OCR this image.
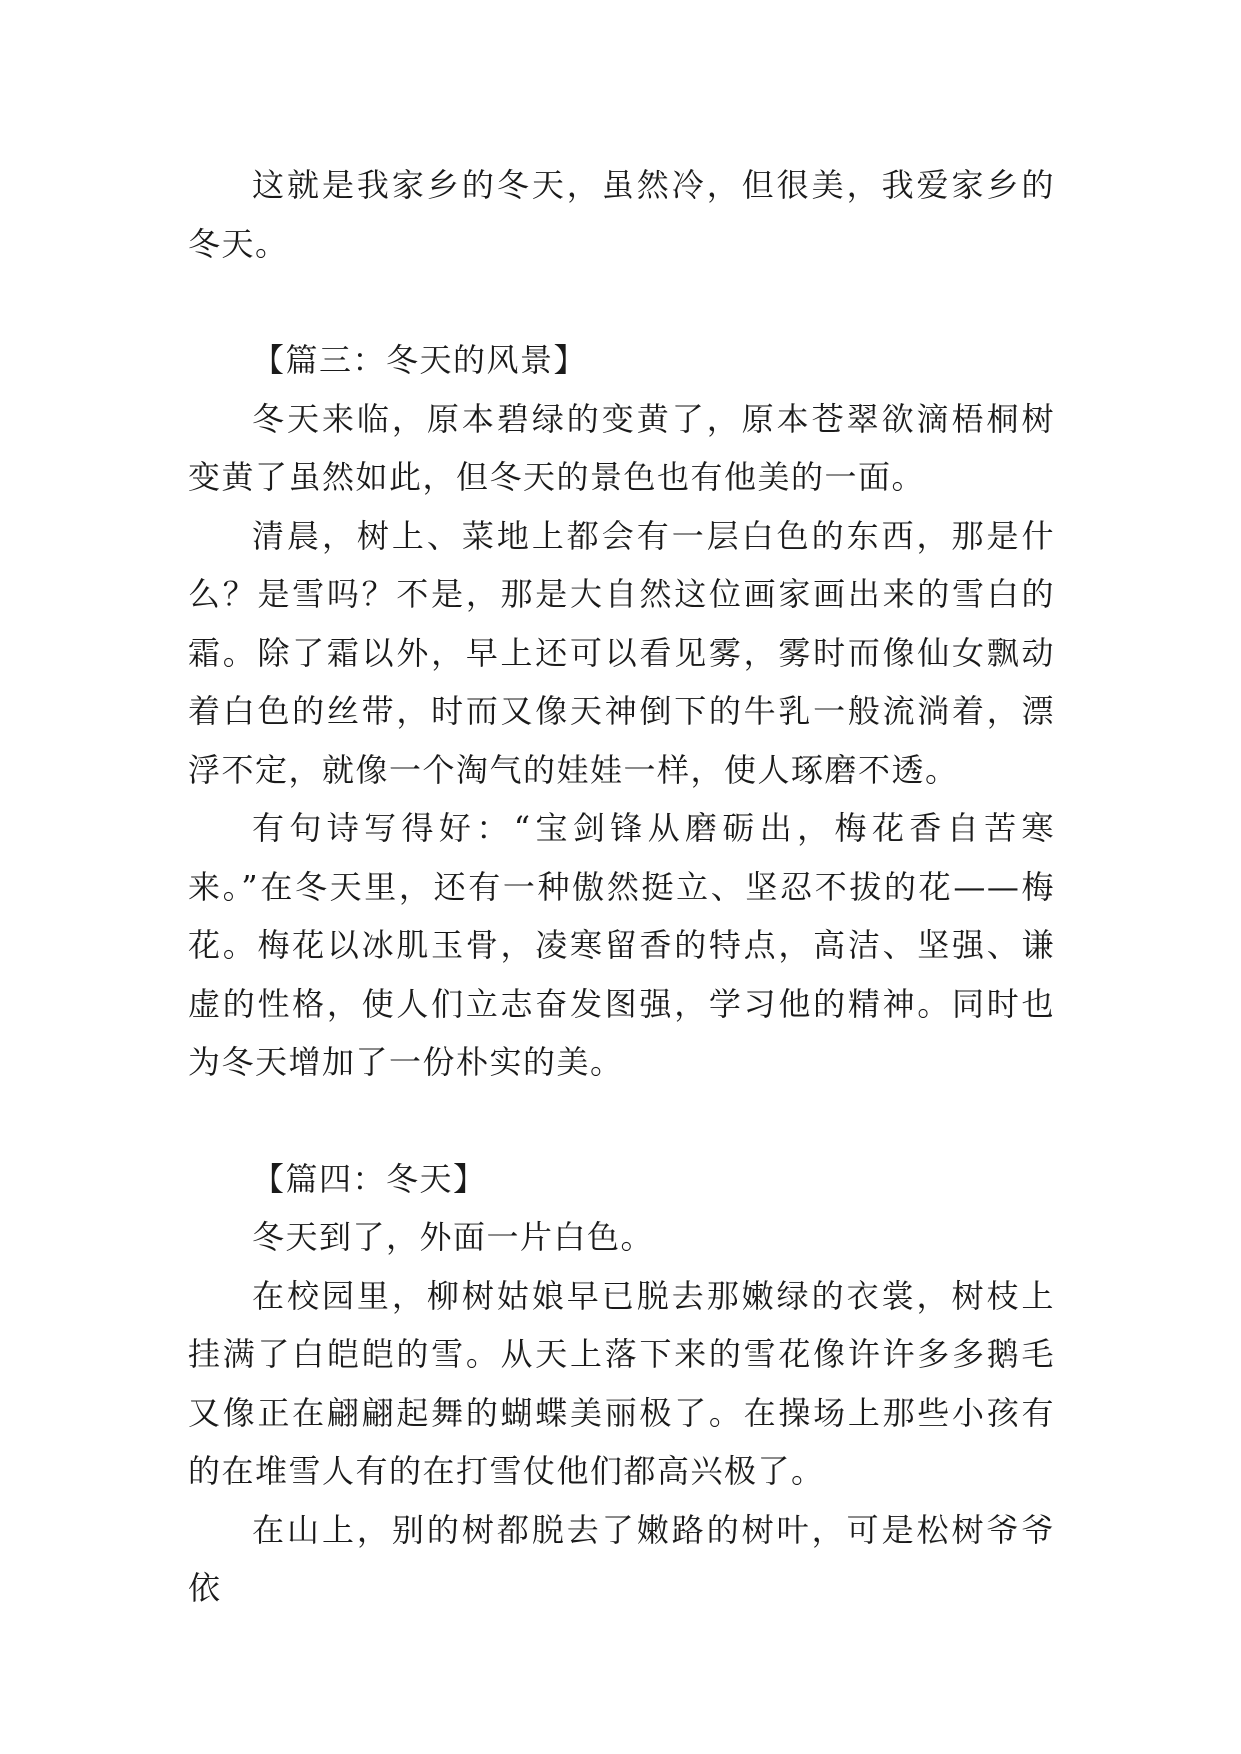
这就是我家乡的冬天，虽然冷，但很美，我爱家乡的冬天。

【篇三：冬天的风景】

冬天来临，原本碧绿的变黄了，原本苍翠欲滴梧桐树变黄了虽然如此，但冬天的景色也有他美的一面。

清晨，树上、菜地上都会有一层白色的东西，那是什么？是雪吗？不是，那是大自然这位画家画出来的雪白的霜。除了霜以外，早上还可以看见雾，雾时而像仙女飘动着白色的丝带，时而又像天神倒下的牛乳一般流淌着，漂浮不定，就像一个淘气的娃娃一样，使人琢磨不透。

有句诗写得好：“宝剑锋从磨砺出，梅花香自苦寒来。”在冬天里，还有一种傲然挺立、坚忍不拔的花——梅花。梅花以冰肌玉骨，凌寒留香的特点，高洁、坚强、谦虚的性格，使人们立志奋发图强，学习他的精神。同时也为冬天增加了一份朴实的美。

【篇四：冬天】

冬天到了，外面一片白色。

在校园里，柳树姑娘早已脱去那嫩绿的衣裳，树枝上挂满了白皑皑的雪。从天上落下来的雪花像许许多多鹅毛又像正在翩翩起舞的蝴蝶美丽极了。在操场上那些小孩有的在堆雪人有的在打雪仗他们都高兴极了。

在山上，别的树都脱去了嫩路的树叶，可是松树爷爷依
